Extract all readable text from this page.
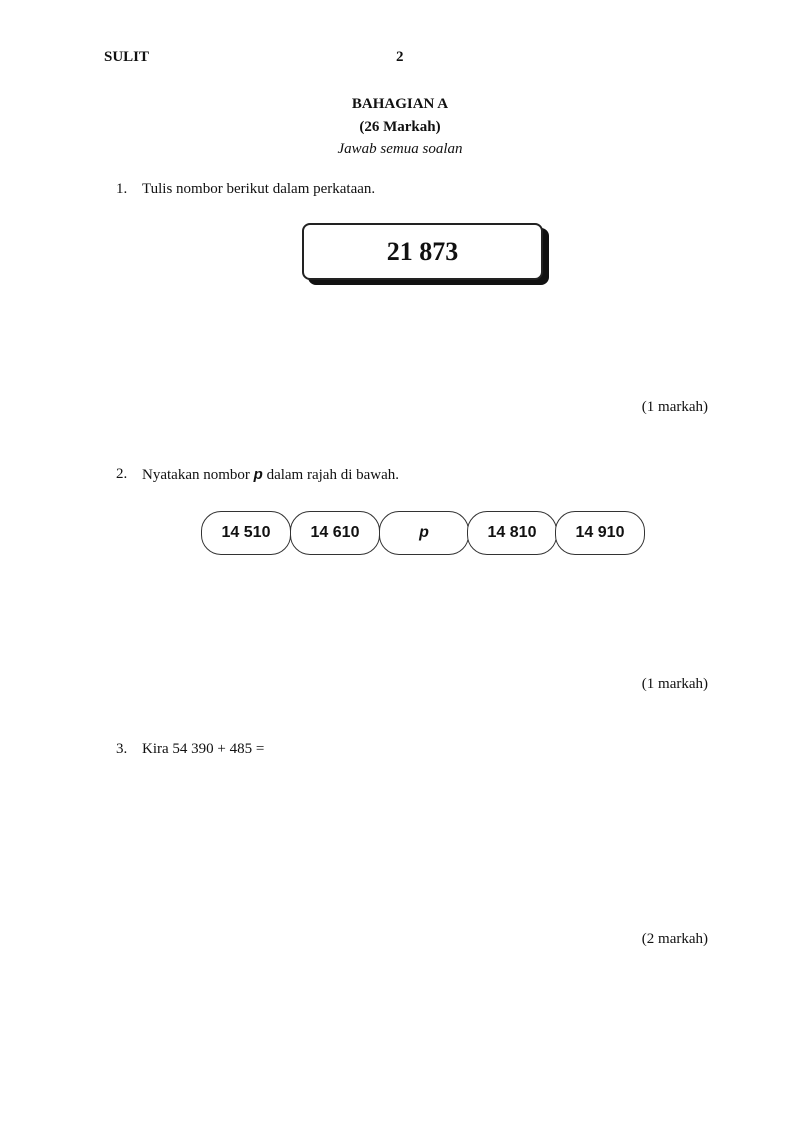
SULIT	2
BAHAGIAN A
(26 Markah)
Jawab semua soalan
1. Tulis nombor berikut dalam perkataan.
21 873
(1 markah)
2. Nyatakan nombor p dalam rajah di bawah.
14 510	14 610	p	14 810	14 910
(1 markah)
3. Kira 54 390 + 485 =
(2 markah)
